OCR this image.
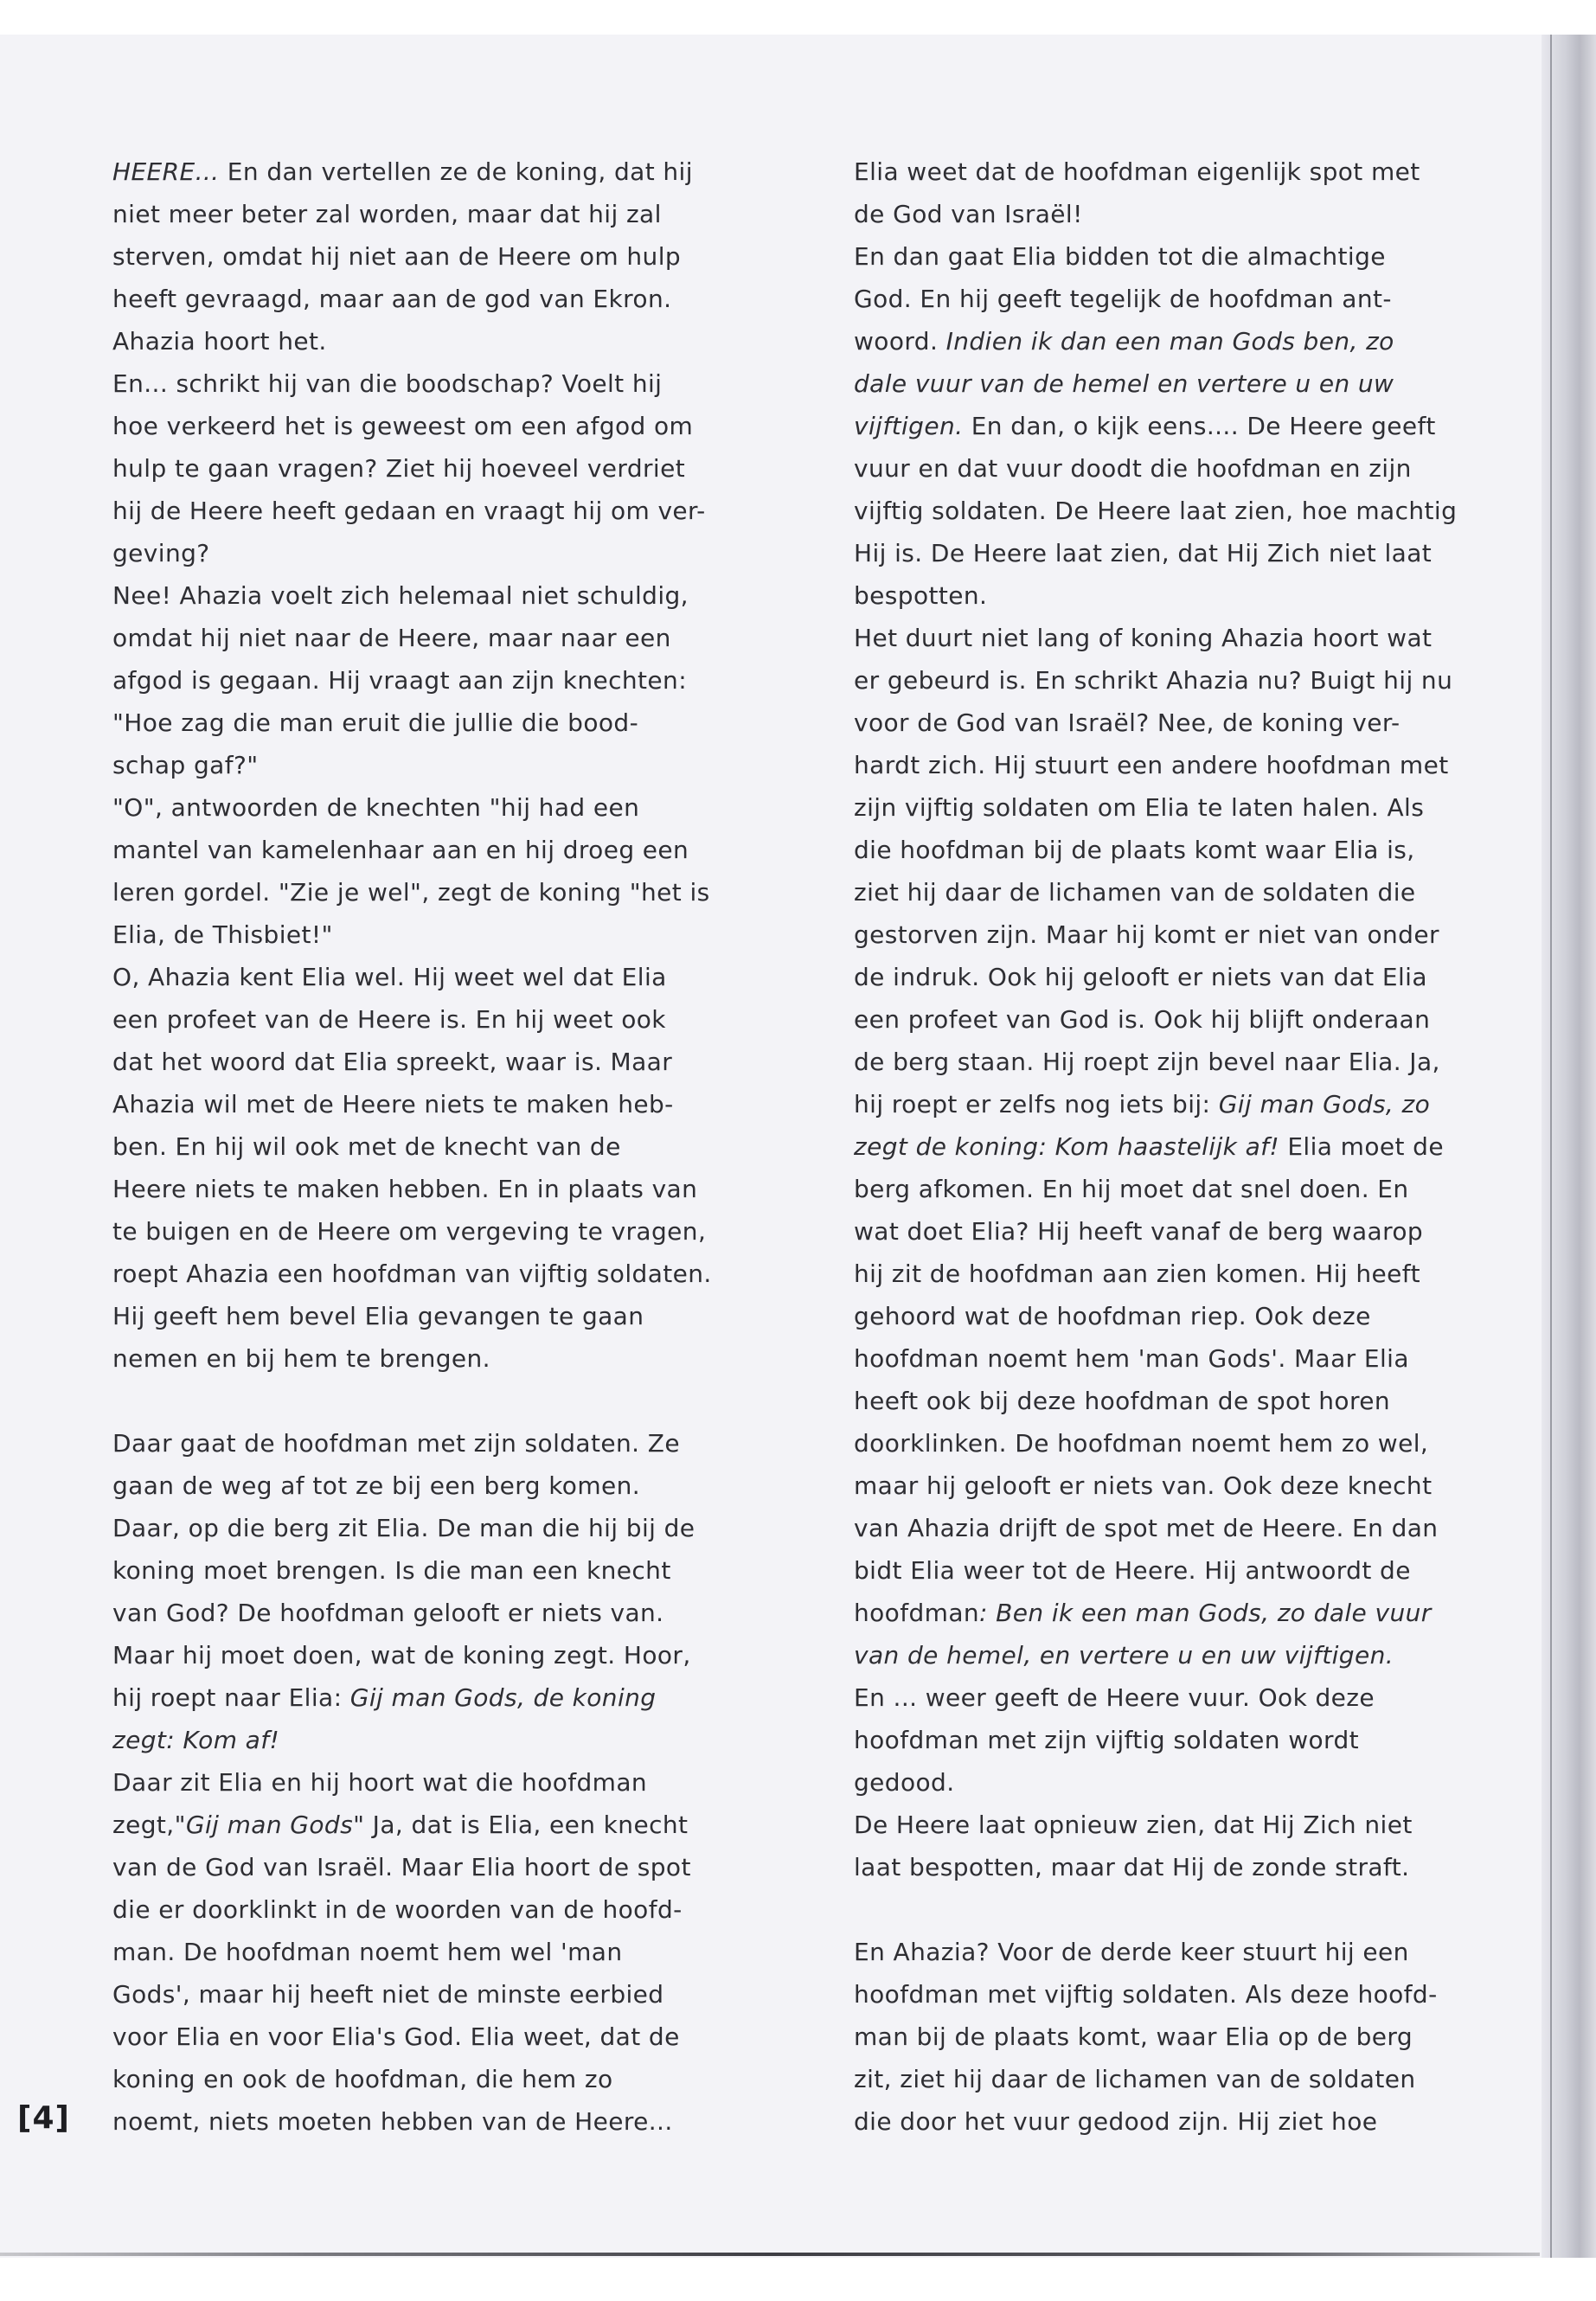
HEERE... En dan vertellen ze de koning, dat hij
niet meer beter zal worden, maar dat hij zal
sterven, omdat hij niet aan de Heere om hulp
heeft gevraagd, maar aan de god van Ekron.
Ahazia hoort het.
En... schrikt hij van die boodschap? Voelt hij
hoe verkeerd het is geweest om een afgod om
hulp te gaan vragen? Ziet hij hoeveel verdriet
hij de Heere heeft gedaan en vraagt hij om ver-
geving?
Nee! Ahazia voelt zich helemaal niet schuldig,
omdat hij niet naar de Heere, maar naar een
afgod is gegaan. Hij vraagt aan zijn knechten:
"Hoe zag die man eruit die jullie die bood-
schap gaf?"
"O", antwoorden de knechten "hij had een
mantel van kamelenhaar aan en hij droeg een
leren gordel. "Zie je wel", zegt de koning "het is
Elia, de Thisbiet!"
O, Ahazia kent Elia wel. Hij weet wel dat Elia
een profeet van de Heere is. En hij weet ook
dat het woord dat Elia spreekt, waar is. Maar
Ahazia wil met de Heere niets te maken heb-
ben. En hij wil ook met de knecht van de
Heere niets te maken hebben. En in plaats van
te buigen en de Heere om vergeving te vragen,
roept Ahazia een hoofdman van vijftig soldaten.
Hij geeft hem bevel Elia gevangen te gaan
nemen en bij hem te brengen.
Daar gaat de hoofdman met zijn soldaten. Ze
gaan de weg af tot ze bij een berg komen.
Daar, op die berg zit Elia. De man die hij bij de
koning moet brengen. Is die man een knecht
van God? De hoofdman gelooft er niets van.
Maar hij moet doen, wat de koning zegt. Hoor,
hij roept naar Elia: Gij man Gods, de koning
zegt: Kom af!
Daar zit Elia en hij hoort wat die hoofdman
zegt,"Gij man Gods" Ja, dat is Elia, een knecht
van de God van Israël. Maar Elia hoort de spot
die er doorklinkt in de woorden van de hoofd-
man. De hoofdman noemt hem wel 'man
Gods', maar hij heeft niet de minste eerbied
voor Elia en voor Elia's God. Elia weet, dat de
koning en ook de hoofdman, die hem zo
noemt, niets moeten hebben van de Heere...
Elia weet dat de hoofdman eigenlijk spot met
de God van Israël!
En dan gaat Elia bidden tot die almachtige
God. En hij geeft tegelijk de hoofdman ant-
woord. Indien ik dan een man Gods ben, zo
dale vuur van de hemel en vertere u en uw
vijftigen. En dan, o kijk eens.... De Heere geeft
vuur en dat vuur doodt die hoofdman en zijn
vijftig soldaten. De Heere laat zien, hoe machtig
Hij is. De Heere laat zien, dat Hij Zich niet laat
bespotten.
Het duurt niet lang of koning Ahazia hoort wat
er gebeurd is. En schrikt Ahazia nu? Buigt hij nu
voor de God van Israël? Nee, de koning ver-
hardt zich. Hij stuurt een andere hoofdman met
zijn vijftig soldaten om Elia te laten halen. Als
die hoofdman bij de plaats komt waar Elia is,
ziet hij daar de lichamen van de soldaten die
gestorven zijn. Maar hij komt er niet van onder
de indruk. Ook hij gelooft er niets van dat Elia
een profeet van God is. Ook hij blijft onderaan
de berg staan. Hij roept zijn bevel naar Elia. Ja,
hij roept er zelfs nog iets bij: Gij man Gods, zo
zegt de koning: Kom haastelijk af! Elia moet de
berg afkomen. En hij moet dat snel doen. En
wat doet Elia? Hij heeft vanaf de berg waarop
hij zit de hoofdman aan zien komen. Hij heeft
gehoord wat de hoofdman riep. Ook deze
hoofdman noemt hem 'man Gods'. Maar Elia
heeft ook bij deze hoofdman de spot horen
doorklinken. De hoofdman noemt hem zo wel,
maar hij gelooft er niets van. Ook deze knecht
van Ahazia drijft de spot met de Heere. En dan
bidt Elia weer tot de Heere. Hij antwoordt de
hoofdman: Ben ik een man Gods, zo dale vuur
van de hemel, en vertere u en uw vijftigen.
En ... weer geeft de Heere vuur. Ook deze
hoofdman met zijn vijftig soldaten wordt
gedood.
De Heere laat opnieuw zien, dat Hij Zich niet
laat bespotten, maar dat Hij de zonde straft.
En Ahazia? Voor de derde keer stuurt hij een
hoofdman met vijftig soldaten. Als deze hoofd-
man bij de plaats komt, waar Elia op de berg
zit, ziet hij daar de lichamen van de soldaten
die door het vuur gedood zijn. Hij ziet hoe
[4]
